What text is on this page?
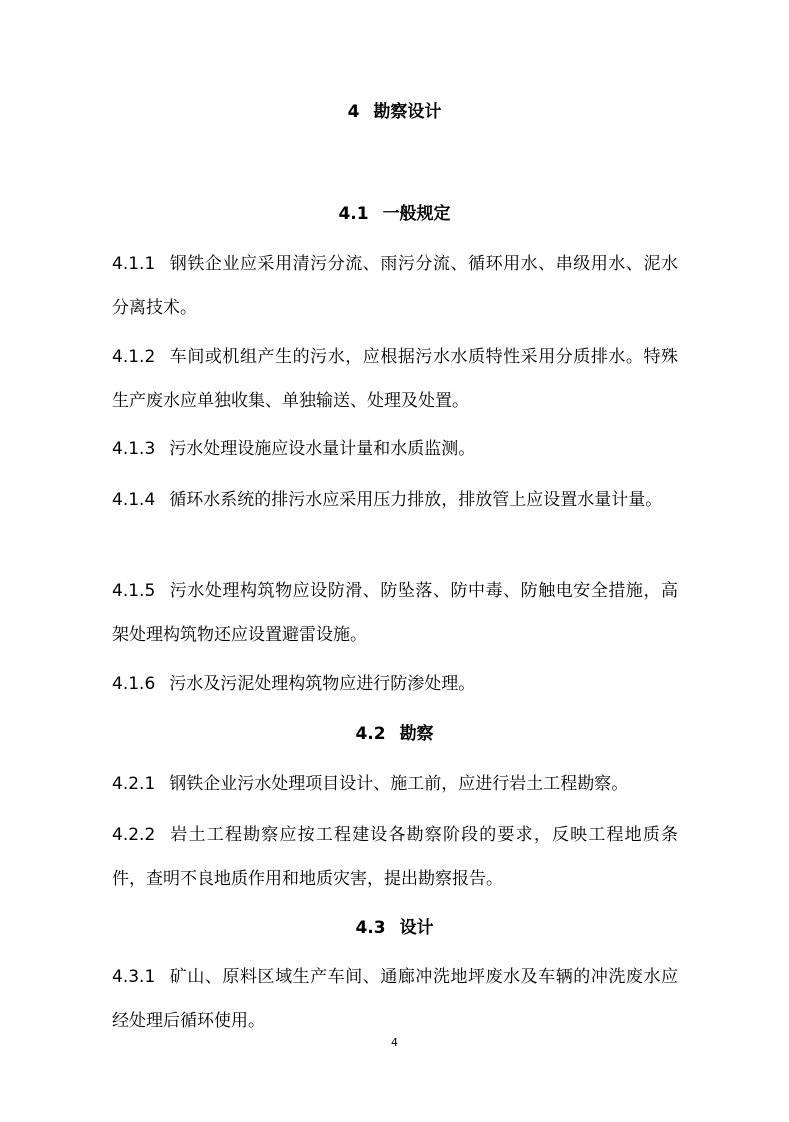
4 勘察设计
4.1 一般规定
4.1.1 钢铁企业应采用清污分流、雨污分流、循环用水、串级用水、泥水分离技术。
4.1.2 车间或机组产生的污水，应根据污水水质特性采用分质排水。特殊生产废水应单独收集、单独输送、处理及处置。
4.1.3 污水处理设施应设水量计量和水质监测。
4.1.4 循环水系统的排污水应采用压力排放，排放管上应设置水量计量。
4.1.5 污水处理构筑物应设防滑、防坠落、防中毒、防触电安全措施，高架处理构筑物还应设置避雷设施。
4.1.6 污水及污泥处理构筑物应进行防渗处理。
4.2 勘察
4.2.1 钢铁企业污水处理项目设计、施工前，应进行岩土工程勘察。
4.2.2 岩土工程勘察应按工程建设各勘察阶段的要求，反映工程地质条件，查明不良地质作用和地质灾害，提出勘察报告。
4.3 设计
4.3.1 矿山、原料区域生产车间、通廊冲洗地坪废水及车辆的冲洗废水应经处理后循环使用。
4
